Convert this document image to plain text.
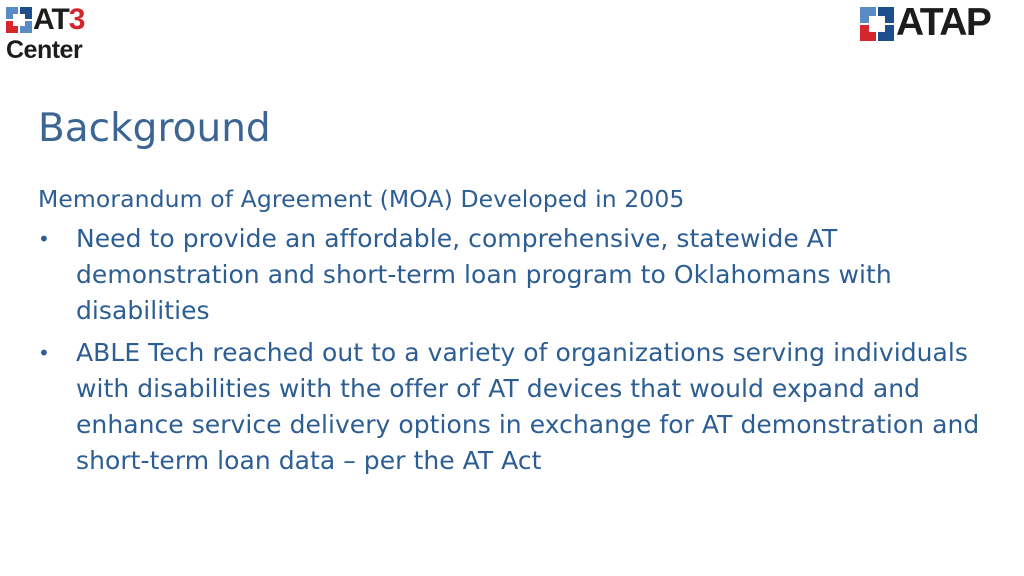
AT3
Center
ATAP
Background

Memorandum of Agreement (MOA) Developed in 2005

• Need to provide an affordable, comprehensive, statewide AT demonstration and short-term loan program to Oklahomans with disabilities
• ABLE Tech reached out to a variety of organizations serving individuals with disabilities with the offer of AT devices that would expand and enhance service delivery options in exchange for AT demonstration and short-term loan data – per the AT Act
